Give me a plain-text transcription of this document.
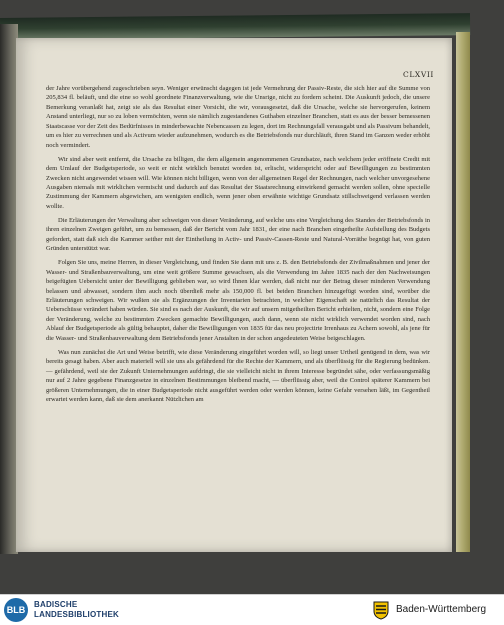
CLXVII

der Jahre vorübergehend zugeschrieben seyn. Weniger erwünscht dagegen ist jede Vermehrung der Passiv-Reste, die sich hier auf die Summe von 205,834 fl. beläuft, und die eine so wohl geordnete Finanzverwaltung, wie die Unsrige, nicht zu fordern scheint. Die Auskunft jedoch, die unsere Bemerkung veranlaßt hat, zeigt sie als das Resultat einer Vorsicht, die wir, vorausgesetzt, daß die Ursache, welche sie hervorgerufen, keinem Anstand unterliegt, nur so zu loben vermöchten, wenn sie nämlich zugestandenes Guthaben einzelner Branchen, statt es aus der besser bemessenen Staatscasse vor der Zeit des Bedürfnisses in minderbewachte Nebencassen zu legen, dort im Rechnungsfall verausgabt und als Passivum behandelt, um es hier zu verrechnen und als Activum wieder aufzunehmen, wodurch es die Betriebsfonds nur durchläuft, ihren Stand im Ganzen weder erhöht noch vermindert.

Wir sind aber weit entfernt, die Ursache zu billigen, die dem allgemein angenommenen Grundsatze, nach welchem jeder eröffnete Credit mit dem Umlauf der Budgetsperiode, so weit er nicht wirklich benutzt worden ist, erlischt, widerspricht oder auf Bewilligungen zu bestimmten Zwecken nicht angewendet wissen will. Wie können nicht billigen, wenn von der allgemeinen Regel der Rechnungen, nach welcher unvorgesehene Ausgaben niemals mit wirklichen vermischt und dadurch auf das Resultat der Staatsrechnung einwirkend gemacht werden sollen, ohne specielle Zustimmung der Kammern abgewichen, am wenigsten endlich, wenn jener oben erwähnte wichtige Grundsatz stillschweigend verlassen werden wollte.

Die Erläuterungen der Verwaltung aber schweigen von dieser Veränderung, auf welche uns eine Vergleichung des Standes der Betriebsfonds in ihren einzelnen Zweigen geführt, um zu bemessen, daß der Bericht vom Jahr 1831, der eine nach Branchen eingetheilte Aufstellung des Budgets gefordert, statt daß sich die Kammer seither mit der Eintheilung in Activ- und Passiv-Cassen-Reste und Natural-Vorräthe begnügt hat, von guten Gründen unterstützt war.

Folgen Sie uns, meine Herren, in dieser Vergleichung, und finden Sie dann mit uns z. B. den Betriebsfonds der Zivilmaßnahmen und jener der Wasser- und Straßenbauverwaltung, um eine weit größere Summe gewachsen, als die Verwendung im Jahre 1835 nach der den Nachweisungen beigefügten Uebersicht unter der Bewilligung geblieben war, so wird Ihnen klar werden, daß nicht nur der Betrag dieser minderen Verwendung belassen und abwasset, sondern ihm auch noch überdieß mehr als 150,000 fl. bei beiden Branchen hinzugefügt worden sind, worüber die Erläuterungen schweigen. Wir wußten sie als Ergänzungen der Inventarien betrachten, in welcher Eigenschaft sie natürlich das Resultat der Ueberschüsse verändert haben würden. Sie sind es nach der Auskunft, die wir auf unsern mitgetheilten Bericht erhielten, nicht, sondern eine Folge der Veränderung, welche zu bestimmten Zwecken gemachte Bewilligungen, auch dann, wenn sie nicht wirklich verwendet worden sind, nach Ablauf der Budgetsperiode als gültig behauptet, daher die Bewilligungen von 1835 für das neu projectirte Irrenhaus zu Achern sowohl, als jene für die Wasser- und Straßenbauverwaltung dem Betriebsfonds jener Anstalten in der schon angedeuteten Weise beigeschlagen.

Was nun zunächst die Art und Weise betrifft, wie diese Veränderung eingeführt worden will, so liegt unser Urtheil genügend in dem, was wir bereits gesagt haben. Aber auch materiell will sie uns als gefährdend für die Rechte der Kammern, und als überflüssig für die Regierung bedünken. — gefährdend, weil sie der Zukunft Unternehmungen aufdringt, die sie vielleicht nicht in ihrem Interesse begründet sähe, oder verfassungsmäßig nur auf 2 Jahre gegebene Finanzgesetze in einzelnen Bestimmungen bleibend macht, — überflüssig aber, weil die Control späterer Kammern bei größeren Unternehmungen, die in einer Budgetsperiode nicht ausgeführt werden oder werden können, keine Gefahr versehen läßt, im Gegentheil erwartet werden kann, daß sie dem anerkannt Nützlichen am

BLB
BADISCHE
LANDESBIBLIOTHEK	Baden-Württemberg
